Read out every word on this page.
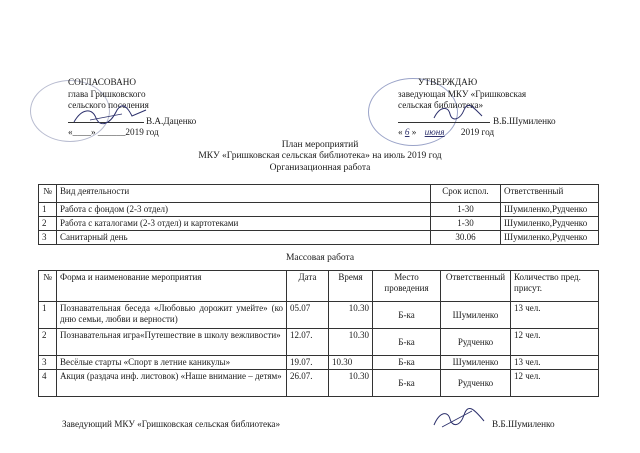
СОГЛАСОВАНО
глава Гришковского
сельского поселения
В.А.Даценко
«____» ______2019 год
УТВЕРЖДАЮ
заведующая МКУ «Гришковская
сельская библиотека»
В.Б.Шумиленко
« 6 » июня 2019 год
План мероприятий
МКУ «Гришковская сельская библиотека» на июль 2019 год
Организационная работа
№	Вид деятельности	Срок испол.	Ответственный
1	Работа с фондом (2-3 отдел)	1-30	Шумиленко,Рудченко
2	Работа с каталогами (2-3 отдел) и картотеками	1-30	Шумиленко,Рудченко
3	Санитарный день	30.06	Шумиленко,Рудченко
Массовая работа
№	Форма и наименование мероприятия	Дата	Время	Место проведения	Ответственный	Количество пред. присут.
1	Познавательная беседа «Любовью дорожит умейте» (ко дню семьи, любви и верности)	05.07	10.30	Б-ка	Шумиленко	13 чел.
2	Познавательная игра«Путешествие в школу вежливости»	12.07.	10.30	Б-ка	Рудченко	12 чел.
3	Весёлые старты «Спорт в летние каникулы»	19.07.	10.30	Б-ка	Шумиленко	13 чел.
4	Акция (раздача инф. листовок) «Наше внимание – детям»	26.07.	10.30	Б-ка	Рудченко	12 чел.
Заведующий МКУ «Гришковская сельская библиотека»	В.Б.Шумиленко
